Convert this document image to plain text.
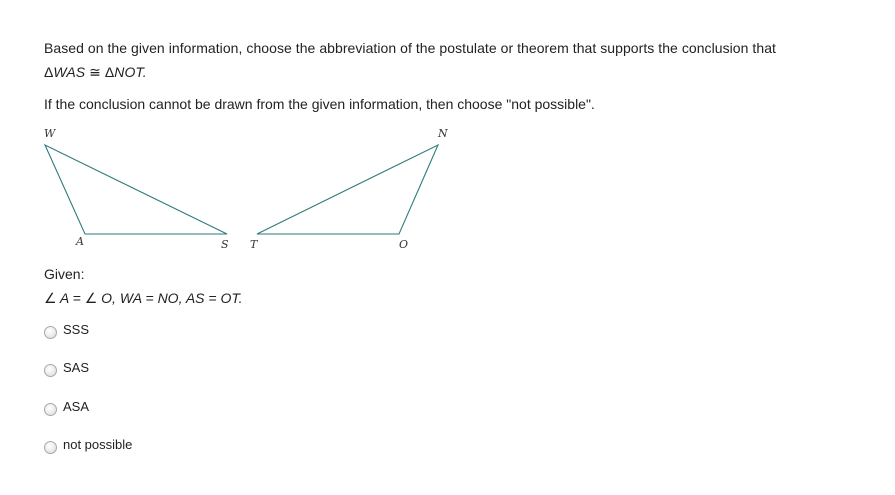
Based on the given information, choose the abbreviation of the postulate or theorem that supports the conclusion that

ΔWAS ≅ ΔNOT.

If the conclusion cannot be drawn from the given information, then choose "not possible".
W
A	S T
N
O
Given:
∠ A = ∠ O, WA = NO, AS = OT.
SSS
SAS
ASA
not possible
